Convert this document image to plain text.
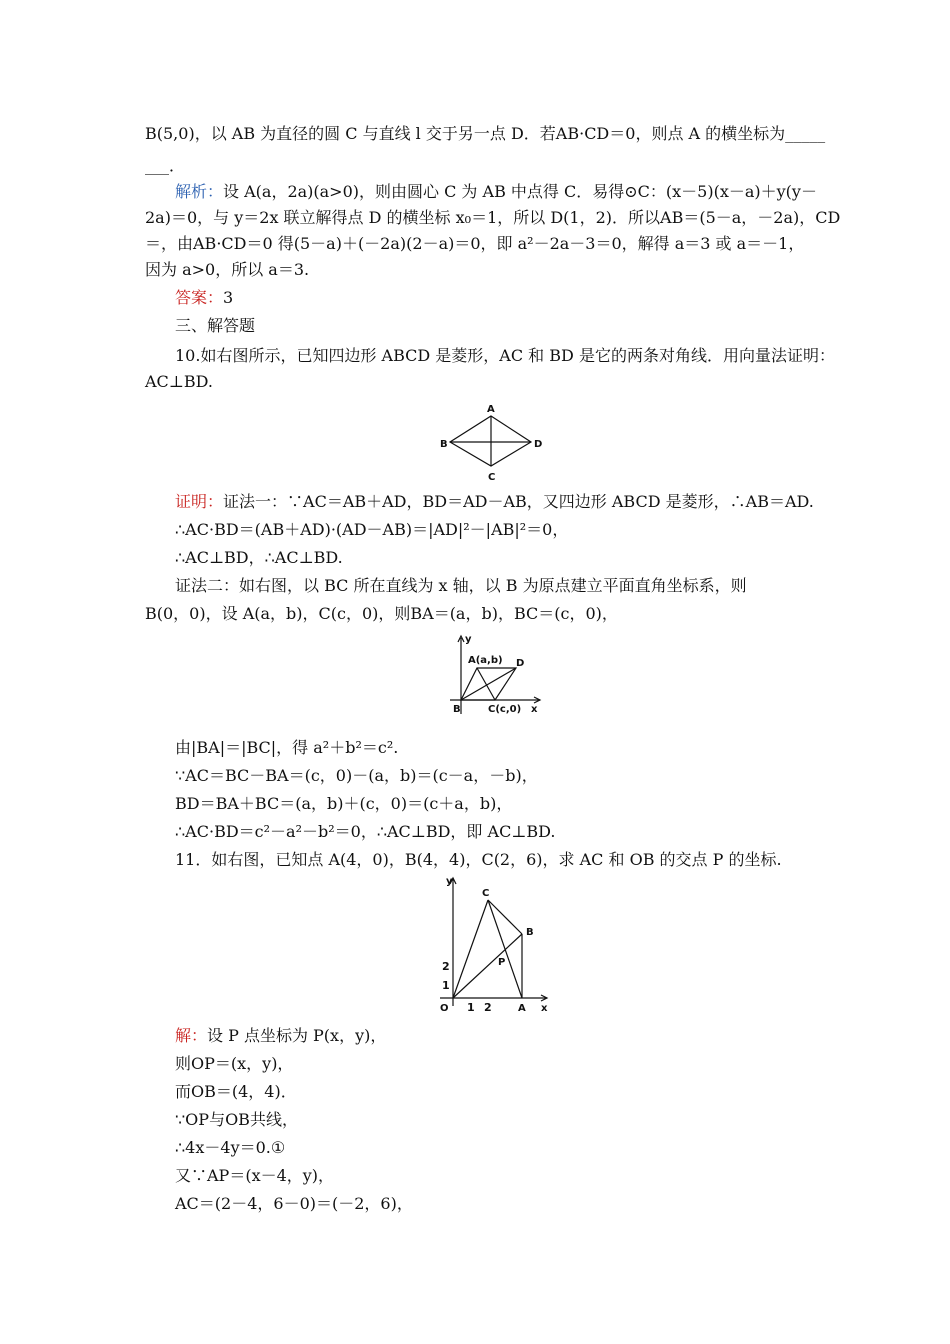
B(5,0)，以 AB 为直径的圆 C 与直线 l 交于另一点 D．若AB·CD＝0，则点 A 的横坐标为_____
___．
解析：设 A(a，2a)(a>0)，则由圆心 C 为 AB 中点得 C．易得⊙C：(x－5)(x－a)＋y(y－
2a)＝0，与 y＝2x 联立解得点 D 的横坐标 x₀＝1，所以 D(1，2)．所以AB＝(5－a，－2a)，CD
＝，由AB·CD＝0 得(5－a)＋(－2a)(2－a)＝0，即 a²－2a－3＝0，解得 a＝3 或 a＝－1，
因为 a>0，所以 a＝3.
答案：3
三、解答题
10.如右图所示，已知四边形 ABCD 是菱形，AC 和 BD 是它的两条对角线．用向量法证明：
AC⊥BD.
A
B
C
D
证明：证法一：∵AC＝AB＋AD，BD＝AD－AB，又四边形 ABCD 是菱形，∴AB＝AD.
∴AC·BD＝(AB＋AD)·(AD－AB)＝|AD|²－|AB|²＝0，
∴AC⊥BD，∴AC⊥BD.
证法二：如右图，以 BC 所在直线为 x 轴，以 B 为原点建立平面直角坐标系，则
B(0，0)，设 A(a，b)，C(c，0)，则BA＝(a，b)，BC＝(c，0)，
y
A(a,b) D
B	C(c,0) x
由|BA|＝|BC|，得 a²＋b²＝c².
∵AC＝BC－BA＝(c，0)－(a，b)＝(c－a，－b)，
BD＝BA＋BC＝(a，b)＋(c，0)＝(c＋a，b)，
∴AC·BD＝c²－a²－b²＝0，∴AC⊥BD，即 AC⊥BD.
11．如右图，已知点 A(4，0)，B(4，4)，C(2，6)，求 AC 和 OB 的交点 P 的坐标.
y
C
B
P
2
1
O 1 2	A x
解：设 P 点坐标为 P(x，y)，
则OP＝(x，y)，
而OB＝(4，4)．
∵OP与OB共线，
∴4x－4y＝0.①
又∵AP＝(x－4，y)，
AC＝(2－4，6－0)＝(－2，6)，
